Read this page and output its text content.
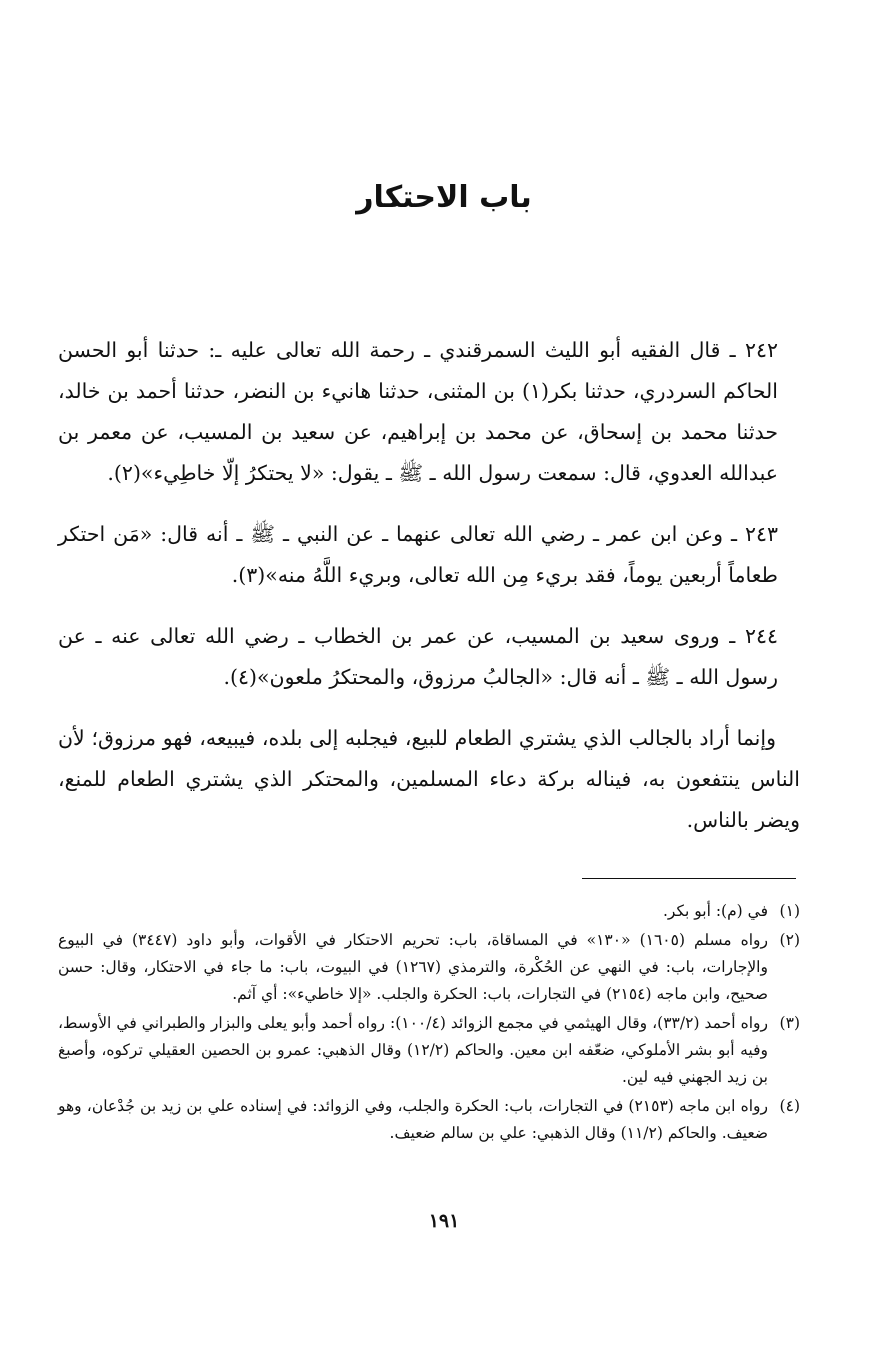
باب الاحتكار

٢٤٢ ـ قال الفقيه أبو الليث السمرقندي ـ رحمة الله تعالى عليه ـ: حدثنا أبو الحسن الحاكم السردري، حدثنا بكر(١) بن المثنى، حدثنا هانيء بن النضر، حدثنا أحمد بن خالد، حدثنا محمد بن إسحاق، عن محمد بن إبراهيم، عن سعيد بن المسيب، عن معمر بن عبدالله العدوي، قال: سمعت رسول الله ـ ﷺ ـ يقول: «لا يحتكرُ إلّا خاطِيء»(٢).

٢٤٣ ـ وعن ابن عمر ـ رضي الله تعالى عنهما ـ عن النبي ـ ﷺ ـ أنه قال: «مَن احتكر طعاماً أربعين يوماً، فقد بريء مِن الله تعالى، وبريء اللَّهُ منه»(٣).

٢٤٤ ـ وروى سعيد بن المسيب، عن عمر بن الخطاب ـ رضي الله تعالى عنه ـ عن رسول الله ـ ﷺ ـ أنه قال: «الجالبُ مرزوق، والمحتكرُ ملعون»(٤).

وإنما أراد بالجالب الذي يشتري الطعام للبيع، فيجلبه إلى بلده، فيبيعه، فهو مرزوق؛ لأن الناس ينتفعون به، فيناله بركة دعاء المسلمين، والمحتكر الذي يشتري الطعام للمنع، ويضر بالناس.

(١)
في (م): أبو بكر.
(٢)
رواه مسلم (١٦٠٥) «١٣٠» في المساقاة، باب: تحريم الاحتكار في الأقوات، وأبو داود (٣٤٤٧) في البيوع والإجارات، باب: في النهي عن الحُكْرة، والترمذي (١٢٦٧) في البيوت، باب: ما جاء في الاحتكار، وقال: حسن صحيح، وابن ماجه (٢١٥٤) في التجارات، باب: الحكرة والجلب. «إلا خاطيء»: أي آثم.
(٣)
رواه أحمد (٣٣/٢)، وقال الهيثمي في مجمع الزوائد (١٠٠/٤): رواه أحمد وأبو يعلى والبزار والطبراني في الأوسط، وفيه أبو بشر الأملوكي، ضعّفه ابن معين. والحاكم (١٢/٢) وقال الذهبي: عمرو بن الحصين العقيلي تركوه، وأصبغ بن زيد الجهني فيه لين.
(٤)
رواه ابن ماجه (٢١٥٣) في التجارات، باب: الحكرة والجلب، وفي الزوائد: في إسناده علي بن زيد بن جُدْعان، وهو ضعيف. والحاكم (١١/٢) وقال الذهبي: علي بن سالم ضعيف.
١٩١
